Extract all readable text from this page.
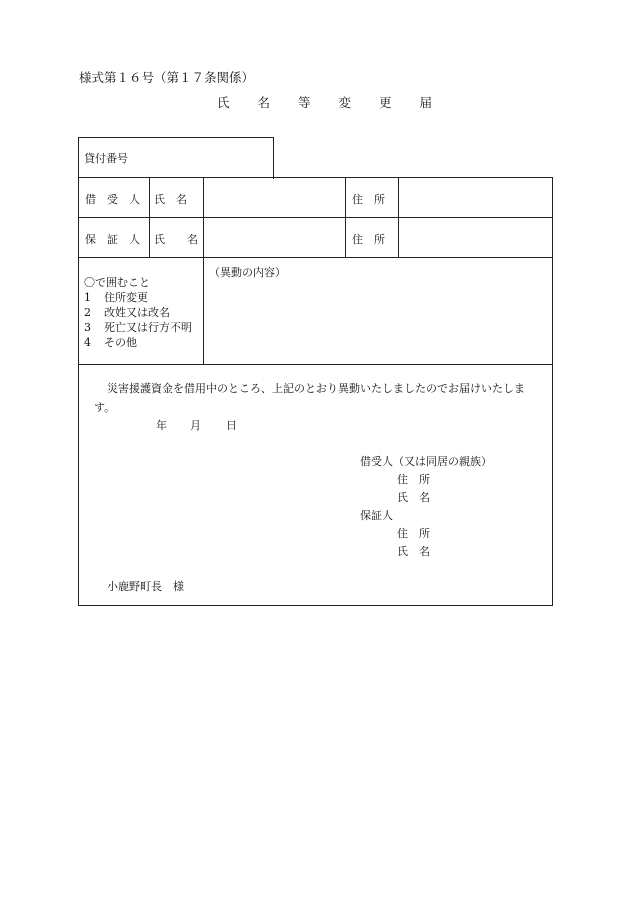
様式第１６号（第１７条関係）
氏 名 等 変 更 届
貸付番号
借　受　人 氏　名	住　所
保　証　人 氏　　名	住　所
〇で囲むこと
1 住所変更
2 改姓又は改名
3 死亡又は行方不明
4 その他
（異動の内容）
災害援護資金を借用中のところ、上記のとおり異動いたしましたのでお届けいたしま
す。
年 月 日
借受人（又は同居の親族）
住　所
氏　名
保証人
住　所
氏　名
小鹿野町長　様
